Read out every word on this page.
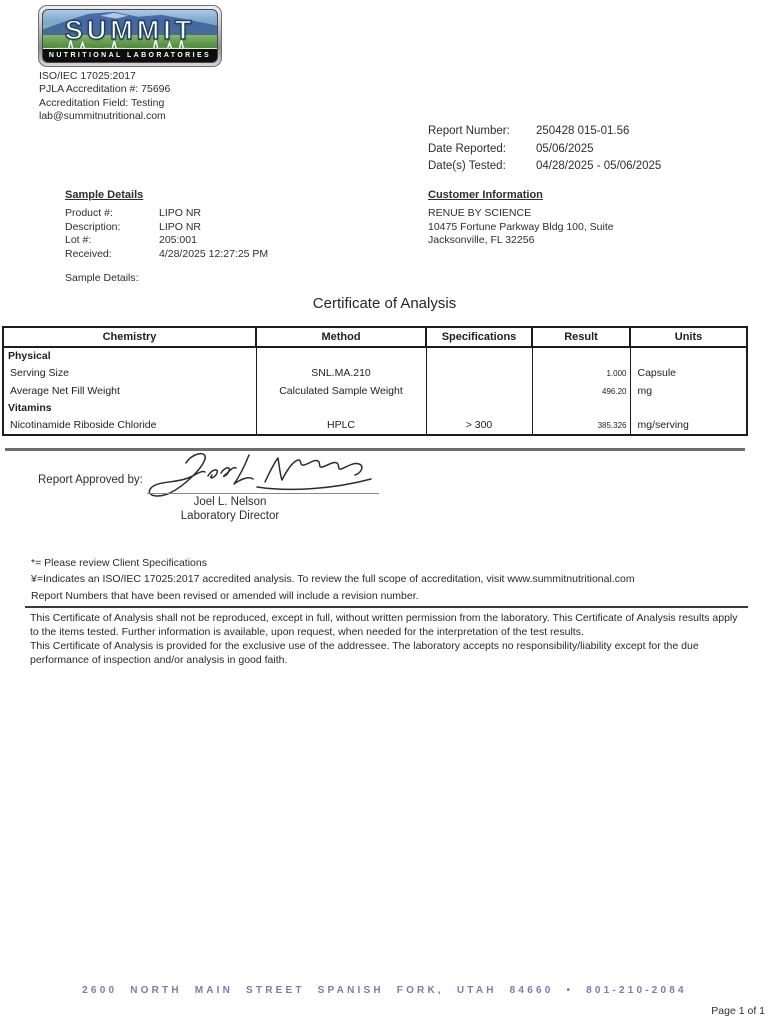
SUMMIT
NUTRITIONAL LABORATORIES
ISO/IEC 17025:2017
PJLA Accreditation #: 75696
Accreditation Field: Testing
lab@summitnutritional.com
Report Number:	250428 015-01.56
Date Reported:	05/06/2025
Date(s) Tested:	04/28/2025 - 05/06/2025
Sample Details
Product #:	LIPO NR
Description:	LIPO NR
Lot #:	205:001
Received:	4/28/2025 12:27:25 PM
Sample Details:
Customer Information
RENUE BY SCIENCE
10475 Fortune Parkway Bldg 100, Suite
Jacksonville, FL 32256
Certificate of Analysis
Chemistry	Method	Specifications	Result	Units
Physical				
Serving Size	SNL.MA.210		1.000	Capsule
Average Net Fill Weight	Calculated Sample Weight		496.20	mg
Vitamins				
Nicotinamide Riboside Chloride	HPLC	> 300	385.326	mg/serving
Report Approved by:
Joel L. Nelson
Laboratory Director
*= Please review Client Specifications
¥=Indicates an ISO/IEC 17025:2017 accredited analysis. To review the full scope of accreditation, visit www.summitnutritional.com
Report Numbers that have been revised or amended will include a revision number.

This Certificate of Analysis shall not be reproduced, except in full, without written permission from the laboratory. This Certificate of Analysis results apply to the items tested. Further information is available, upon request, when needed for the interpretation of the test results.

This Certificate of Analysis is provided for the exclusive use of the addressee. The laboratory accepts no responsibility/liability except for the due performance of inspection and/or analysis in good faith.

2600 NORTH MAIN STREET SPANISH FORK, UTAH 84660 • 801-210-2084
Page 1 of 1
